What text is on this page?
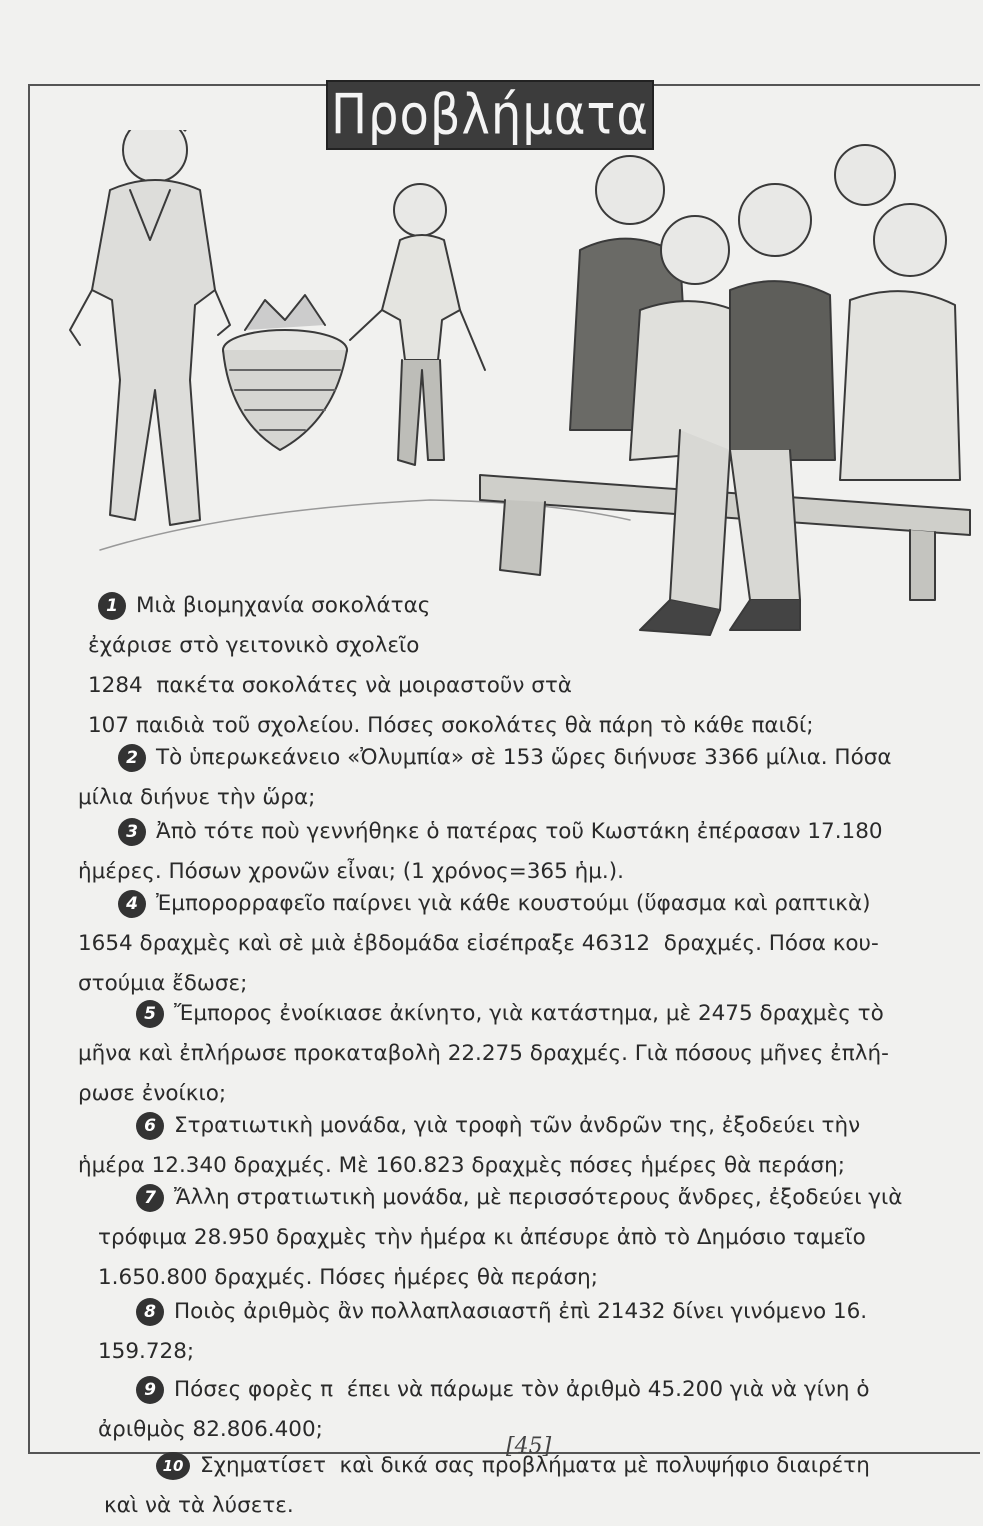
Προβλήματα
1 Μιὰ βιομηχανία σοκολάτας
ἐχάρισε στὸ γειτονικὸ σχολεῖο
1284  πακέτα σοκολάτες νὰ μοιραστοῦν στὰ
107 παιδιὰ τοῦ σχολείου. Πόσες σοκολάτες θὰ πάρη τὸ κάθε παιδί;
2 Τὸ ὑπερωκεάνειο «Ὀλυμπία» σὲ 153 ὥρες διήνυσε 3366 μίλια. Πόσα
μίλια διήνυε τὴν ὥρα;
3 Ἀπὸ τότε ποὺ γεννήθηκε ὁ πατέρας τοῦ Κωστάκη ἐπέρασαν 17.180
ἡμέρες. Πόσων χρονῶν εἶναι; (1 χρόνος=365 ἡμ.).
4 Ἐμπορορραφεῖο παίρνει γιὰ κάθε κουστούμι (ὕφασμα καὶ ραπτικὰ)
1654 δραχμὲς καὶ σὲ μιὰ ἑβδομάδα εἰσέπραξε 46312  δραχμές. Πόσα κου-
στούμια ἔδωσε;
5 Ἔμπορος ἐνοίκιασε ἀκίνητο, γιὰ κατάστημα, μὲ 2475 δραχμὲς τὸ
μῆνα καὶ ἐπλήρωσε προκαταβολὴ 22.275 δραχμές. Γιὰ πόσους μῆνες ἐπλή-
ρωσε ἐνοίκιο;
6 Στρατιωτικὴ μονάδα, γιὰ τροφὴ τῶν ἀνδρῶν της, ἐξοδεύει τὴν
ἡμέρα 12.340 δραχμές. Μὲ 160.823 δραχμὲς πόσες ἡμέρες θὰ περάση;
7 Ἄλλη στρατιωτικὴ μονάδα, μὲ περισσότερους ἄνδρες, ἐξοδεύει γιὰ
τρόφιμα 28.950 δραχμὲς τὴν ἡμέρα κι ἀπέσυρε ἀπὸ τὸ Δημόσιο ταμεῖο
1.650.800 δραχμές. Πόσες ἡμέρες θὰ περάση;
8 Ποιὸς ἀριθμὸς ἂν πολλαπλασιαστῆ ἐπὶ 21432 δίνει γινόμενο 16.
159.728;
9 Πόσες φορὲς π  έπει νὰ πάρωμε τὸν ἀριθμὸ 45.200 γιὰ νὰ γίνη ὁ
ἀριθμὸς 82.806.400;
10 Σχηματίσετ  καὶ δικά σας προβλήματα μὲ πολυψήφιο διαιρέτη
καὶ νὰ τὰ λύσετε.
[45]
